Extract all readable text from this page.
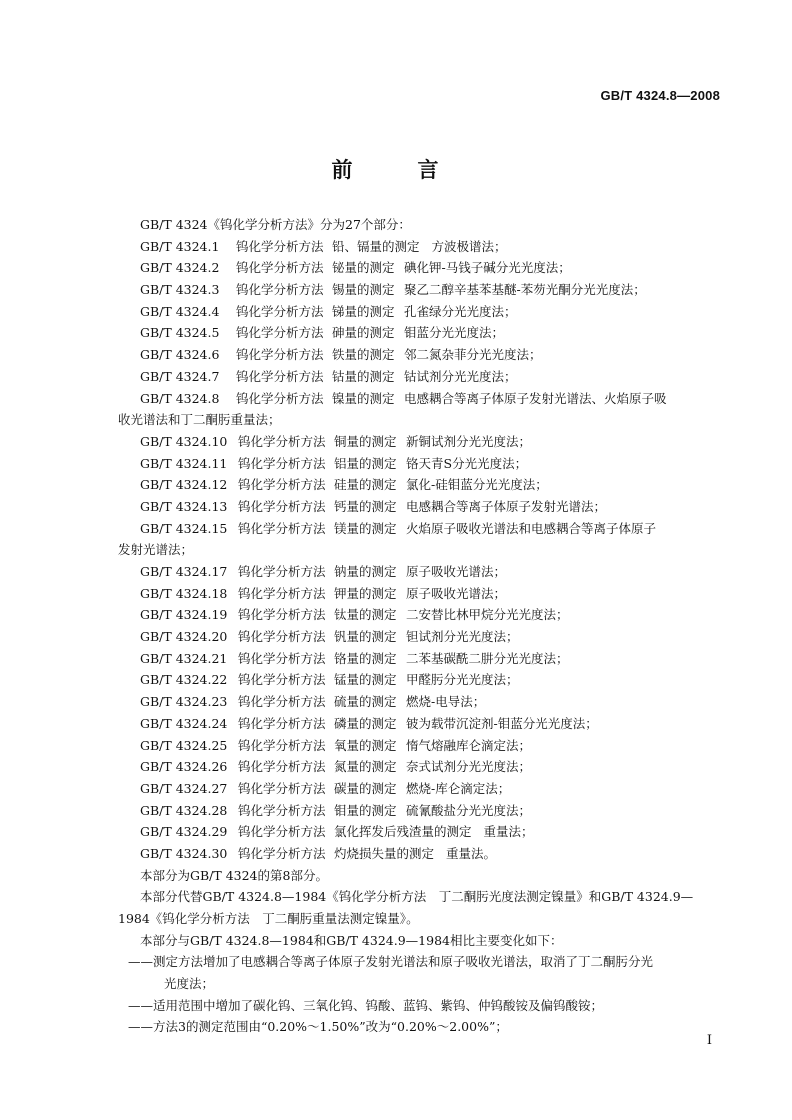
GB/T 4324.8—2008
前　言
GB/T 4324《钨化学分析方法》分为27个部分：
GB/T 4324.1 钨化学分析方法 铅、镉量的测定 方波极谱法；
GB/T 4324.2 钨化学分析方法 铋量的测定 碘化钾-马钱子碱分光光度法；
GB/T 4324.3 钨化学分析方法 锡量的测定 聚乙二醇辛基苯基醚-苯芴光酮分光光度法；
GB/T 4324.4 钨化学分析方法 锑量的测定 孔雀绿分光光度法；
GB/T 4324.5 钨化学分析方法 砷量的测定 钼蓝分光光度法；
GB/T 4324.6 钨化学分析方法 铁量的测定 邻二氮杂菲分光光度法；
GB/T 4324.7 钨化学分析方法 钴量的测定 钴试剂分光光度法；
GB/T 4324.8 钨化学分析方法 镍量的测定 电感耦合等离子体原子发射光谱法、火焰原子吸
收光谱法和丁二酮肟重量法；
GB/T 4324.10 钨化学分析方法 铜量的测定 新铜试剂分光光度法；
GB/T 4324.11 钨化学分析方法 铝量的测定 铬天青S分光光度法；
GB/T 4324.12 钨化学分析方法 硅量的测定 氯化-硅钼蓝分光光度法；
GB/T 4324.13 钨化学分析方法 钙量的测定 电感耦合等离子体原子发射光谱法；
GB/T 4324.15 钨化学分析方法 镁量的测定 火焰原子吸收光谱法和电感耦合等离子体原子
发射光谱法；
GB/T 4324.17 钨化学分析方法 钠量的测定 原子吸收光谱法；
GB/T 4324.18 钨化学分析方法 钾量的测定 原子吸收光谱法；
GB/T 4324.19 钨化学分析方法 钛量的测定 二安替比林甲烷分光光度法；
GB/T 4324.20 钨化学分析方法 钒量的测定 钽试剂分光光度法；
GB/T 4324.21 钨化学分析方法 铬量的测定 二苯基碳酰二肼分光光度法；
GB/T 4324.22 钨化学分析方法 锰量的测定 甲醛肟分光光度法；
GB/T 4324.23 钨化学分析方法 硫量的测定 燃烧-电导法；
GB/T 4324.24 钨化学分析方法 磷量的测定 铍为载带沉淀剂-钼蓝分光光度法；
GB/T 4324.25 钨化学分析方法 氧量的测定 惰气熔融库仑滴定法；
GB/T 4324.26 钨化学分析方法 氮量的测定 奈式试剂分光光度法；
GB/T 4324.27 钨化学分析方法 碳量的测定 燃烧-库仑滴定法；
GB/T 4324.28 钨化学分析方法 钼量的测定 硫氰酸盐分光光度法；
GB/T 4324.29 钨化学分析方法 氯化挥发后残渣量的测定 重量法；
GB/T 4324.30 钨化学分析方法 灼烧损失量的测定 重量法。
本部分为GB/T 4324的第8部分。
本部分代替GB/T 4324.8—1984《钨化学分析方法　丁二酮肟光度法测定镍量》和GB/T 4324.9—
1984《钨化学分析方法　丁二酮肟重量法测定镍量》。
本部分与GB/T 4324.8—1984和GB/T 4324.9—1984相比主要变化如下：
——测定方法增加了电感耦合等离子体原子发射光谱法和原子吸收光谱法，取消了丁二酮肟分光
光度法；
——适用范围中增加了碳化钨、三氧化钨、钨酸、蓝钨、紫钨、仲钨酸铵及偏钨酸铵；
——方法3的测定范围由“0.20%～1.50%”改为“0.20%～2.00%”；
I
